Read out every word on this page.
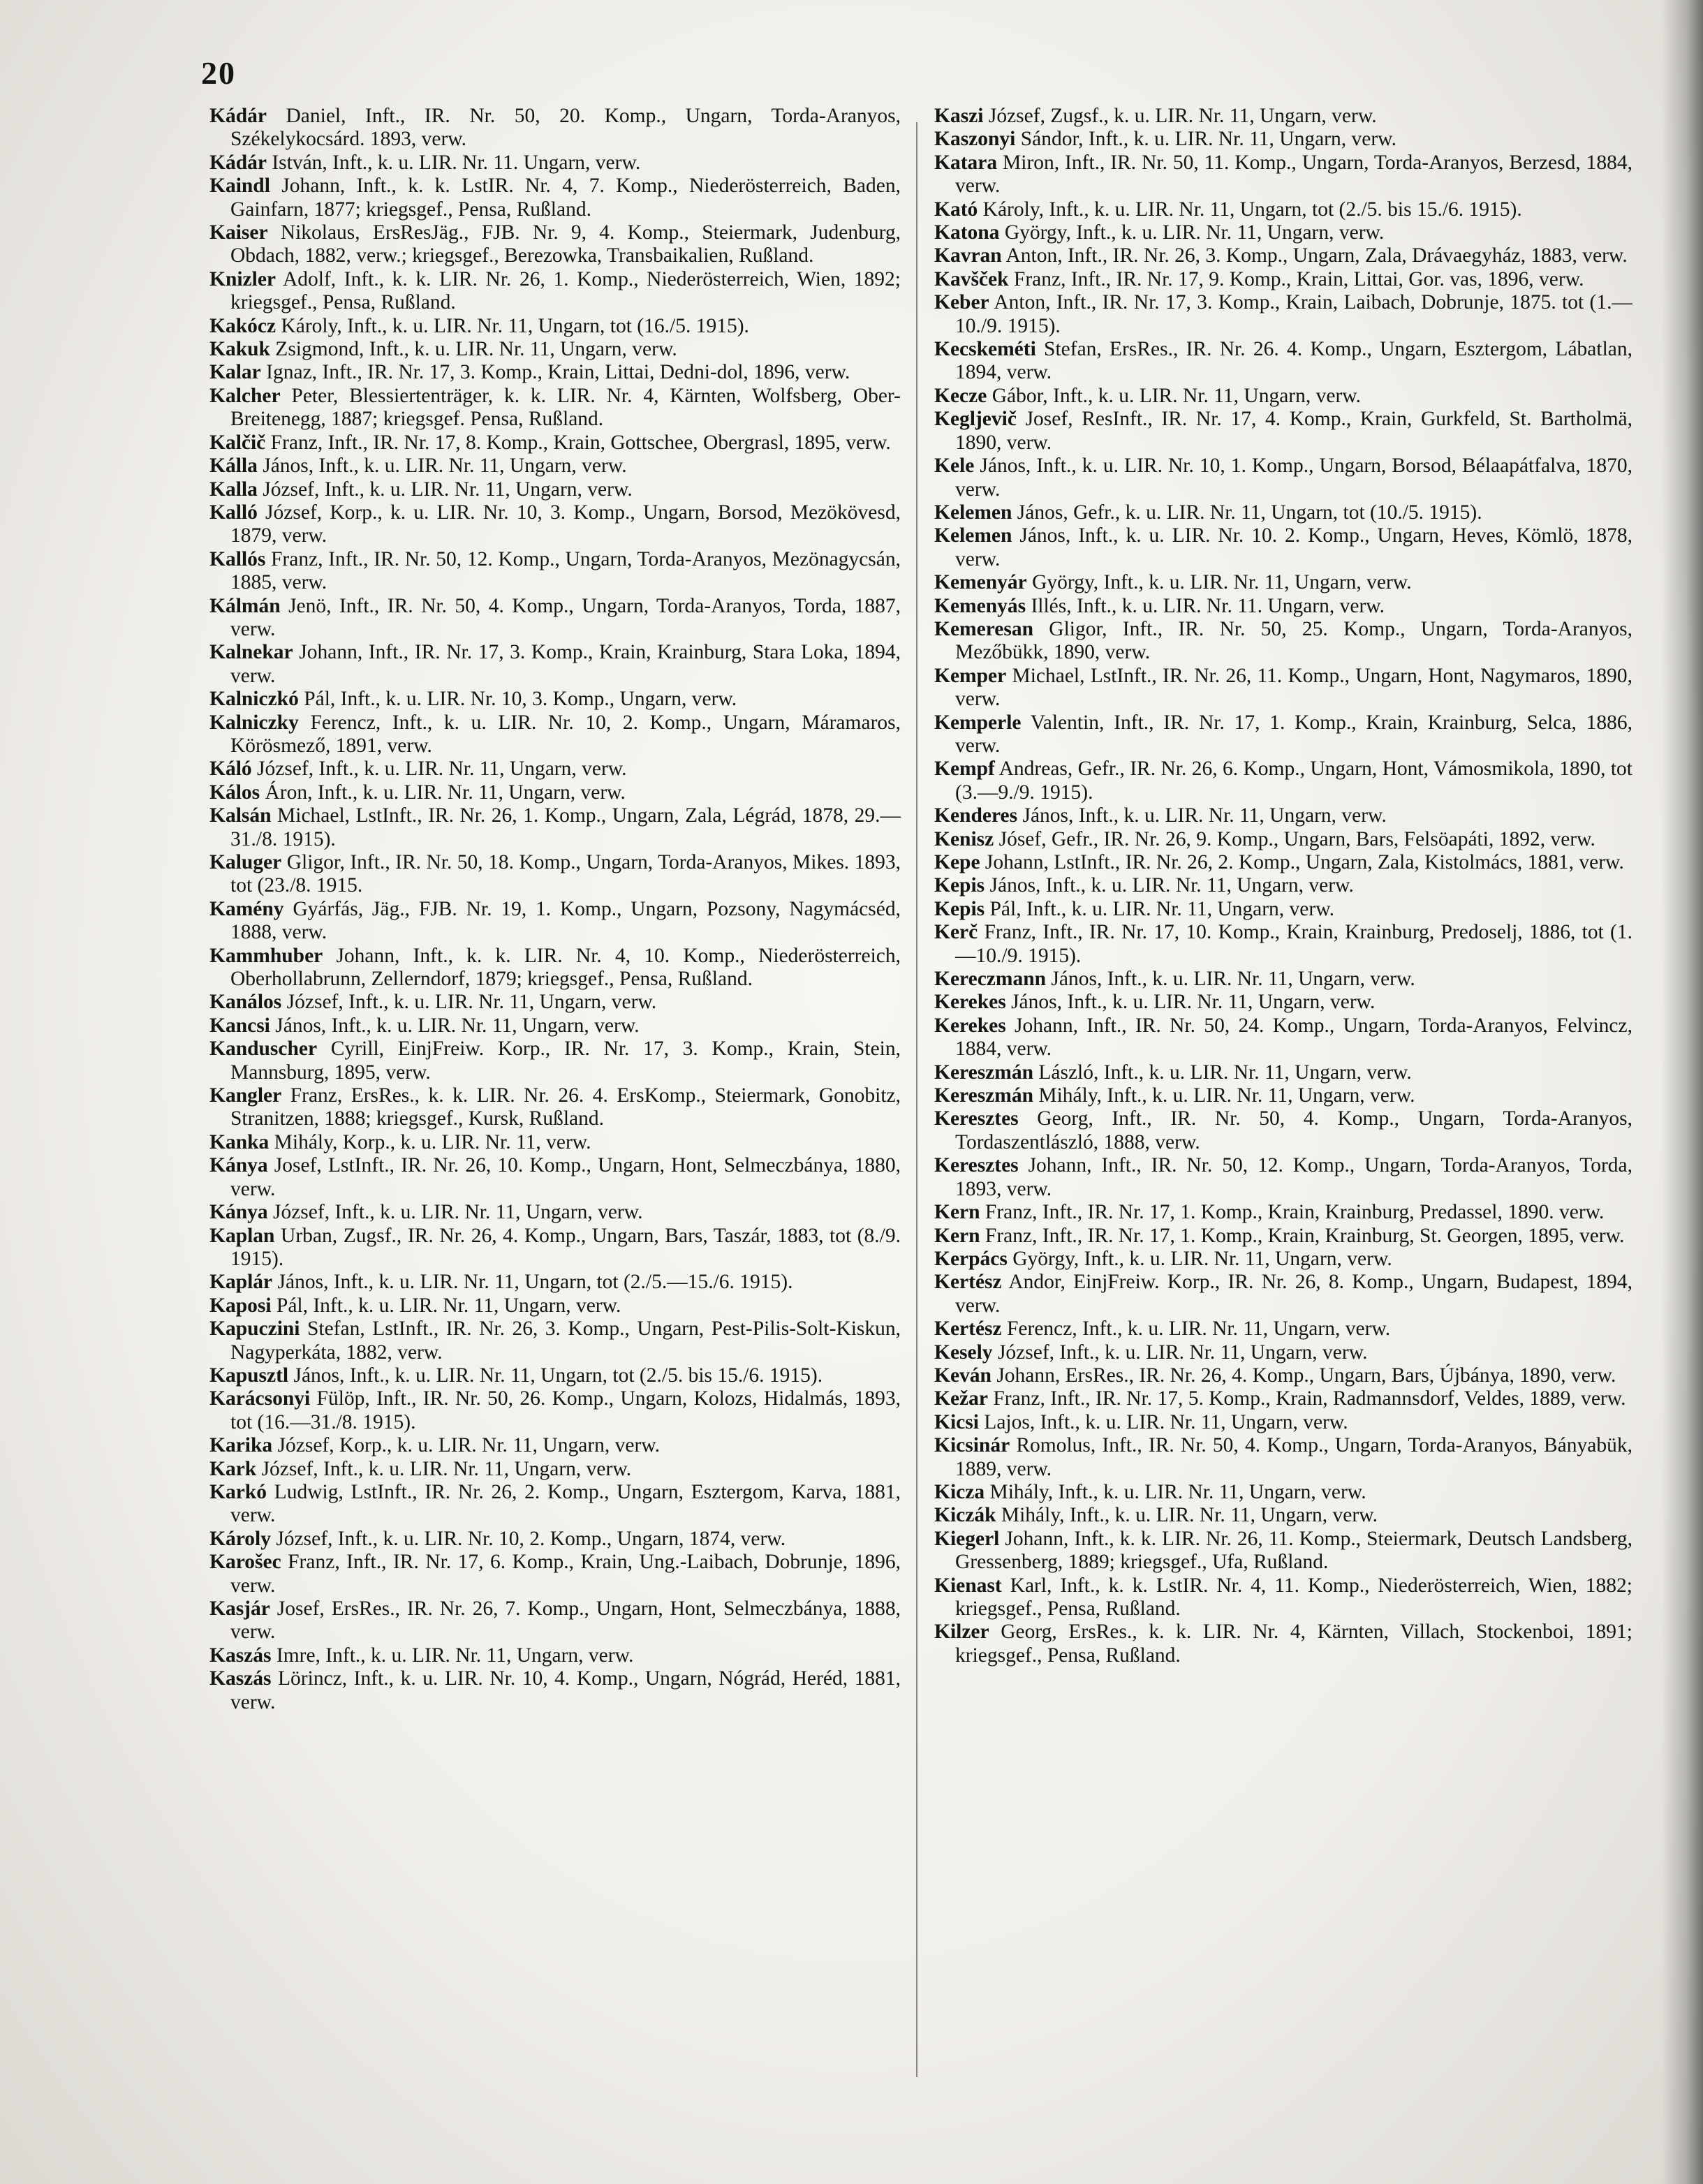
20

Kádár Daniel, Inft., IR. Nr. 50, 20. Komp., Ungarn, Torda-Aranyos, Székelykocsárd. 1893, verw.

Kádár István, Inft., k. u. LIR. Nr. 11. Ungarn, verw.

Kaindl Johann, Inft., k. k. LstIR. Nr. 4, 7. Komp., Niederösterreich, Baden, Gainfarn, 1877; kriegsgef., Pensa, Rußland.

Kaiser Nikolaus, ErsResJäg., FJB. Nr. 9, 4. Komp., Steiermark, Judenburg, Obdach, 1882, verw.; kriegsgef., Berezowka, Transbaikalien, Rußland.

Knizler Adolf, Inft., k. k. LIR. Nr. 26, 1. Komp., Niederösterreich, Wien, 1892; kriegsgef., Pensa, Rußland.

Kakócz Károly, Inft., k. u. LIR. Nr. 11, Ungarn, tot (16./5. 1915).

Kakuk Zsigmond, Inft., k. u. LIR. Nr. 11, Ungarn, verw.

Kalar Ignaz, Inft., IR. Nr. 17, 3. Komp., Krain, Littai, Dedni-dol, 1896, verw.

Kalcher Peter, Blessiertenträger, k. k. LIR. Nr. 4, Kärnten, Wolfsberg, Ober-Breitenegg, 1887; kriegsgef. Pensa, Rußland.

Kalčič Franz, Inft., IR. Nr. 17, 8. Komp., Krain, Gottschee, Obergrasl, 1895, verw.

Kálla János, Inft., k. u. LIR. Nr. 11, Ungarn, verw.

Kalla József, Inft., k. u. LIR. Nr. 11, Ungarn, verw.

Kalló József, Korp., k. u. LIR. Nr. 10, 3. Komp., Ungarn, Borsod, Mezökövesd, 1879, verw.

Kallós Franz, Inft., IR. Nr. 50, 12. Komp., Ungarn, Torda-Aranyos, Mezönagycsán, 1885, verw.

Kálmán Jenö, Inft., IR. Nr. 50, 4. Komp., Ungarn, Torda-Aranyos, Torda, 1887, verw.

Kalnekar Johann, Inft., IR. Nr. 17, 3. Komp., Krain, Krainburg, Stara Loka, 1894, verw.

Kalniczkó Pál, Inft., k. u. LIR. Nr. 10, 3. Komp., Ungarn, verw.

Kalniczky Ferencz, Inft., k. u. LIR. Nr. 10, 2. Komp., Ungarn, Máramaros, Körösmező, 1891, verw.

Káló József, Inft., k. u. LIR. Nr. 11, Ungarn, verw.

Kálos Áron, Inft., k. u. LIR. Nr. 11, Ungarn, verw.

Kalsán Michael, LstInft., IR. Nr. 26, 1. Komp., Ungarn, Zala, Légrád, 1878, 29.—31./8. 1915).

Kaluger Gligor, Inft., IR. Nr. 50, 18. Komp., Ungarn, Torda-Aranyos, Mikes. 1893, tot (23./8. 1915.

Kamény Gyárfás, Jäg., FJB. Nr. 19, 1. Komp., Ungarn, Pozsony, Nagymácséd, 1888, verw.

Kammhuber Johann, Inft., k. k. LIR. Nr. 4, 10. Komp., Niederösterreich, Oberhollabrunn, Zellerndorf, 1879; kriegsgef., Pensa, Rußland.

Kanálos József, Inft., k. u. LIR. Nr. 11, Ungarn, verw.

Kancsi János, Inft., k. u. LIR. Nr. 11, Ungarn, verw.

Kanduscher Cyrill, EinjFreiw. Korp., IR. Nr. 17, 3. Komp., Krain, Stein, Mannsburg, 1895, verw.

Kangler Franz, ErsRes., k. k. LIR. Nr. 26. 4. ErsKomp., Steiermark, Gonobitz, Stranitzen, 1888; kriegsgef., Kursk, Rußland.

Kanka Mihály, Korp., k. u. LIR. Nr. 11, verw.

Kánya Josef, LstInft., IR. Nr. 26, 10. Komp., Ungarn, Hont, Selmeczbánya, 1880, verw.

Kánya József, Inft., k. u. LIR. Nr. 11, Ungarn, verw.

Kaplan Urban, Zugsf., IR. Nr. 26, 4. Komp., Ungarn, Bars, Taszár, 1883, tot (8./9. 1915).

Kaplár János, Inft., k. u. LIR. Nr. 11, Ungarn, tot (2./5.—15./6. 1915).

Kaposi Pál, Inft., k. u. LIR. Nr. 11, Ungarn, verw.

Kapuczini Stefan, LstInft., IR. Nr. 26, 3. Komp., Ungarn, Pest-Pilis-Solt-Kiskun, Nagyperkáta, 1882, verw.

Kapusztl János, Inft., k. u. LIR. Nr. 11, Ungarn, tot (2./5. bis 15./6. 1915).

Karácsonyi Fülöp, Inft., IR. Nr. 50, 26. Komp., Ungarn, Kolozs, Hidalmás, 1893, tot (16.—31./8. 1915).

Karika József, Korp., k. u. LIR. Nr. 11, Ungarn, verw.

Kark József, Inft., k. u. LIR. Nr. 11, Ungarn, verw.

Karkó Ludwig, LstInft., IR. Nr. 26, 2. Komp., Ungarn, Esztergom, Karva, 1881, verw.

Károly József, Inft., k. u. LIR. Nr. 10, 2. Komp., Ungarn, 1874, verw.

Karošec Franz, Inft., IR. Nr. 17, 6. Komp., Krain, Ung.-Laibach, Dobrunje, 1896, verw.

Kasjár Josef, ErsRes., IR. Nr. 26, 7. Komp., Ungarn, Hont, Selmeczbánya, 1888, verw.

Kaszás Imre, Inft., k. u. LIR. Nr. 11, Ungarn, verw.

Kaszás Lörincz, Inft., k. u. LIR. Nr. 10, 4. Komp., Ungarn, Nógrád, Heréd, 1881, verw.

Kaszi József, Zugsf., k. u. LIR. Nr. 11, Ungarn, verw.

Kaszonyi Sándor, Inft., k. u. LIR. Nr. 11, Ungarn, verw.

Katara Miron, Inft., IR. Nr. 50, 11. Komp., Ungarn, Torda-Aranyos, Berzesd, 1884, verw.

Kató Károly, Inft., k. u. LIR. Nr. 11, Ungarn, tot (2./5. bis 15./6. 1915).

Katona György, Inft., k. u. LIR. Nr. 11, Ungarn, verw.

Kavran Anton, Inft., IR. Nr. 26, 3. Komp., Ungarn, Zala, Drávaegyház, 1883, verw.

Kavšček Franz, Inft., IR. Nr. 17, 9. Komp., Krain, Littai, Gor. vas, 1896, verw.

Keber Anton, Inft., IR. Nr. 17, 3. Komp., Krain, Laibach, Dobrunje, 1875. tot (1.—10./9. 1915).

Kecskeméti Stefan, ErsRes., IR. Nr. 26. 4. Komp., Ungarn, Esztergom, Lábatlan, 1894, verw.

Kecze Gábor, Inft., k. u. LIR. Nr. 11, Ungarn, verw.

Kegljevič Josef, ResInft., IR. Nr. 17, 4. Komp., Krain, Gurkfeld, St. Bartholmä, 1890, verw.

Kele János, Inft., k. u. LIR. Nr. 10, 1. Komp., Ungarn, Borsod, Bélaapátfalva, 1870, verw.

Kelemen János, Gefr., k. u. LIR. Nr. 11, Ungarn, tot (10./5. 1915).

Kelemen János, Inft., k. u. LIR. Nr. 10. 2. Komp., Ungarn, Heves, Kömlö, 1878, verw.

Kemenyár György, Inft., k. u. LIR. Nr. 11, Ungarn, verw.

Kemenyás Illés, Inft., k. u. LIR. Nr. 11. Ungarn, verw.

Kemeresan Gligor, Inft., IR. Nr. 50, 25. Komp., Ungarn, Torda-Aranyos, Mezőbükk, 1890, verw.

Kemper Michael, LstInft., IR. Nr. 26, 11. Komp., Ungarn, Hont, Nagymaros, 1890, verw.

Kemperle Valentin, Inft., IR. Nr. 17, 1. Komp., Krain, Krainburg, Selca, 1886, verw.

Kempf Andreas, Gefr., IR. Nr. 26, 6. Komp., Ungarn, Hont, Vámosmikola, 1890, tot (3.—9./9. 1915).

Kenderes János, Inft., k. u. LIR. Nr. 11, Ungarn, verw.

Kenisz Jósef, Gefr., IR. Nr. 26, 9. Komp., Ungarn, Bars, Felsöapáti, 1892, verw.

Kepe Johann, LstInft., IR. Nr. 26, 2. Komp., Ungarn, Zala, Kistolmács, 1881, verw.

Kepis János, Inft., k. u. LIR. Nr. 11, Ungarn, verw.

Kepis Pál, Inft., k. u. LIR. Nr. 11, Ungarn, verw.

Kerč Franz, Inft., IR. Nr. 17, 10. Komp., Krain, Krainburg, Predoselj, 1886, tot (1.—10./9. 1915).

Kereczmann János, Inft., k. u. LIR. Nr. 11, Ungarn, verw.

Kerekes János, Inft., k. u. LIR. Nr. 11, Ungarn, verw.

Kerekes Johann, Inft., IR. Nr. 50, 24. Komp., Ungarn, Torda-Aranyos, Felvincz, 1884, verw.

Kereszmán László, Inft., k. u. LIR. Nr. 11, Ungarn, verw.

Kereszmán Mihály, Inft., k. u. LIR. Nr. 11, Ungarn, verw.

Keresztes Georg, Inft., IR. Nr. 50, 4. Komp., Ungarn, Torda-Aranyos, Tordaszentlászló, 1888, verw.

Keresztes Johann, Inft., IR. Nr. 50, 12. Komp., Ungarn, Torda-Aranyos, Torda, 1893, verw.

Kern Franz, Inft., IR. Nr. 17, 1. Komp., Krain, Krainburg, Predassel, 1890. verw.

Kern Franz, Inft., IR. Nr. 17, 1. Komp., Krain, Krainburg, St. Georgen, 1895, verw.

Kerpács György, Inft., k. u. LIR. Nr. 11, Ungarn, verw.

Kertész Andor, EinjFreiw. Korp., IR. Nr. 26, 8. Komp., Ungarn, Budapest, 1894, verw.

Kertész Ferencz, Inft., k. u. LIR. Nr. 11, Ungarn, verw.

Kesely József, Inft., k. u. LIR. Nr. 11, Ungarn, verw.

Keván Johann, ErsRes., IR. Nr. 26, 4. Komp., Ungarn, Bars, Újbánya, 1890, verw.

Kežar Franz, Inft., IR. Nr. 17, 5. Komp., Krain, Radmannsdorf, Veldes, 1889, verw.

Kicsi Lajos, Inft., k. u. LIR. Nr. 11, Ungarn, verw.

Kicsinár Romolus, Inft., IR. Nr. 50, 4. Komp., Ungarn, Torda-Aranyos, Bányabük, 1889, verw.

Kicza Mihály, Inft., k. u. LIR. Nr. 11, Ungarn, verw.

Kiczák Mihály, Inft., k. u. LIR. Nr. 11, Ungarn, verw.

Kiegerl Johann, Inft., k. k. LIR. Nr. 26, 11. Komp., Steiermark, Deutsch Landsberg, Gressenberg, 1889; kriegsgef., Ufa, Rußland.

Kienast Karl, Inft., k. k. LstIR. Nr. 4, 11. Komp., Niederösterreich, Wien, 1882; kriegsgef., Pensa, Rußland.

Kilzer Georg, ErsRes., k. k. LIR. Nr. 4, Kärnten, Villach, Stockenboi, 1891; kriegsgef., Pensa, Rußland.
